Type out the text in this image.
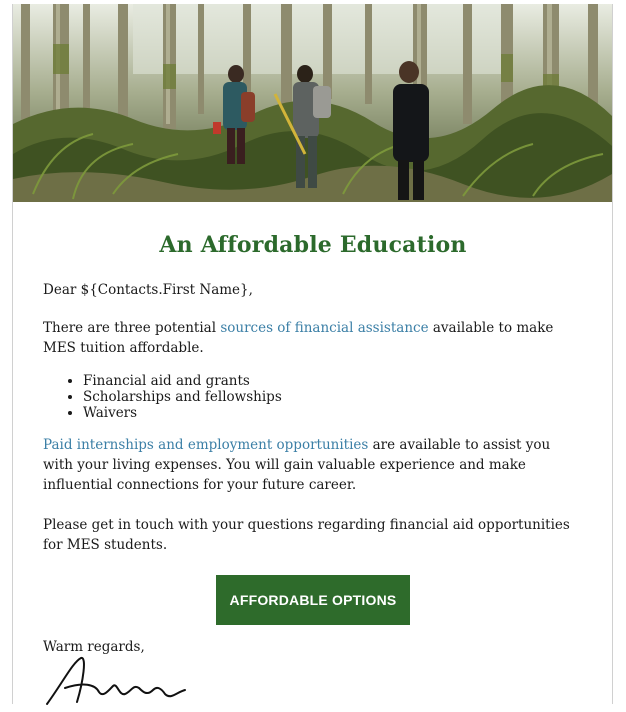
An Affordable Education
Dear ${Contacts.First Name},
There are three potential sources of financial assistance available to make MES tuition affordable.
• Financial aid and grants
• Scholarships and fellowships
• Waivers
Paid internships and employment opportunities are available to assist you with your living expenses. You will gain valuable experience and make influential connections for your future career.
Please get in touch with your questions regarding financial aid opportunities for MES students.
AFFORDABLE OPTIONS
Warm regards,
